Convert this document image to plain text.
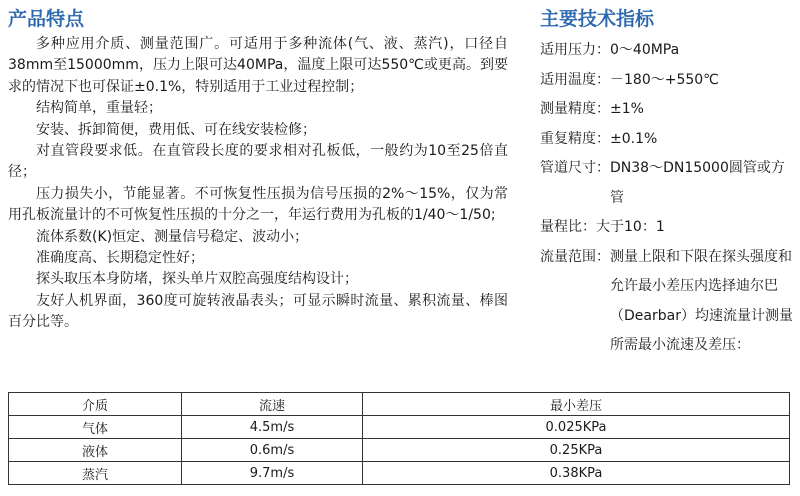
产品特点

多种应用介质、测量范围广。可适用于多种流体(气、液、蒸汽)，口径自38mm至15000mm，压力上限可达40MPa，温度上限可达550℃或更高。到要求的情况下也可保证±0.1%，特别适用于工业过程控制；

结构简单，重量轻；

安装、拆卸简便，费用低、可在线安装检修；

对直管段要求低。在直管段长度的要求相对孔板低，一般约为10至25倍直径；

压力损失小，节能显著。不可恢复性压损为信号压损的2%～15%，仅为常用孔板流量计的不可恢复性压损的十分之一，年运行费用为孔板的1/40～1/50;

流体系数(K)恒定、测量信号稳定、波动小；

准确度高、长期稳定性好；

探头取压本身防堵，探头单片双腔高强度结构设计；

友好人机界面，360度可旋转液晶表头；可显示瞬时流量、累积流量、棒图百分比等。

主要技术指标
适用压力： 0～40MPa
适用温度： －180～+550℃
测量精度： ±1%
重复精度： ±0.1%
管道尺寸： DN38～DN15000圆管或方管
量程比： 大于10：1
流量范围： 测量上限和下限在探头强度和允许最小差压内选择迪尔巴（Dearbar）均速流量计测量所需最小流速及差压：
介质	流速	最小差压
气体	4.5m/s	0.025KPa
液体	0.6m/s	0.25KPa
蒸汽	9.7m/s	0.38KPa
